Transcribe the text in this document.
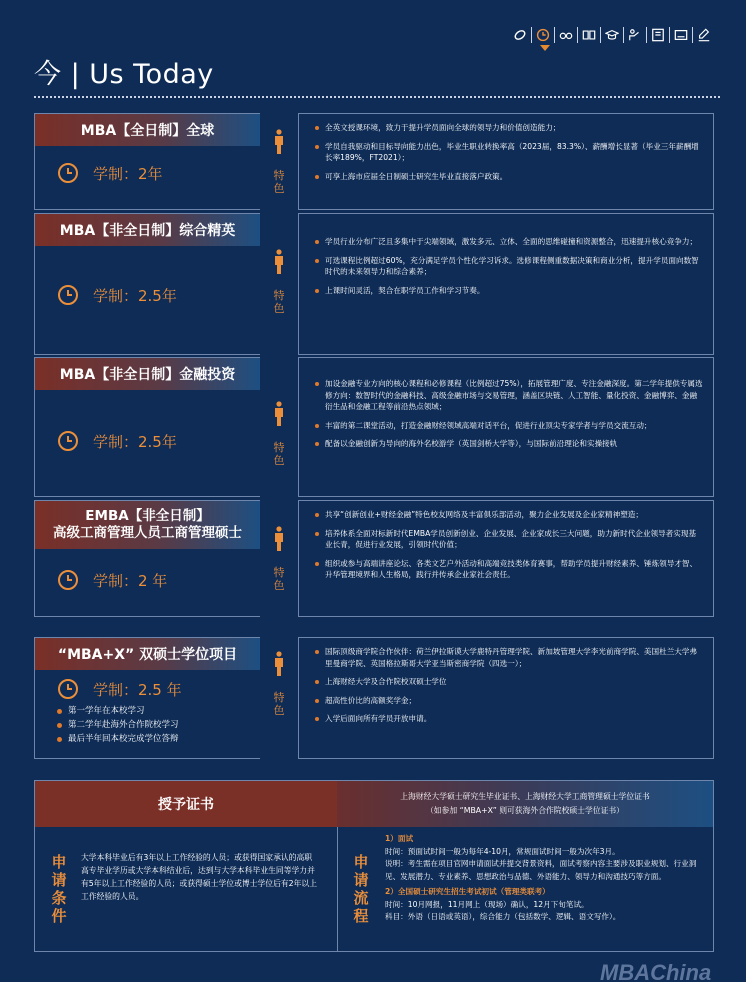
今 | Us Today
MBA【全日制】全球
学制：2年	特色
全英文授课环境，致力于提升学员面向全球的领导力和价值创造能力；
学员自我驱动和目标导向能力出色，毕业生职业转换率高（2023届，83.3%）、薪酬增长显著（毕业三年薪酬增长率189%，FT2021）；
可享上海市应届全日制硕士研究生毕业直接落户政策。
MBA【非全日制】综合精英
学制：2.5年	特色
学员行业分布广泛且多集中于尖端领域，激发多元、立体、全面的思维碰撞和资源整合，迅速提升核心竞争力；
可选课程比例超过60%，充分满足学员个性化学习诉求。选修课程侧重数据决策和商业分析，提升学员面向数智时代的未来领导力和综合素养；
上课时间灵活，契合在职学员工作和学习节奏。
MBA【非全日制】金融投资
学制：2.5年	特色
加设金融专业方向的核心课程和必修课程（比例超过75%），拓展管理广度、专注金融深度。第二学年提供专属选修方向：数智时代的金融科技、高级金融市场与交易管理，涵盖区块链、人工智能、量化投资、金融博弈、金融衍生品和金融工程等前沿热点领域；
丰富的第二课堂活动，打造金融财经领域高端对话平台，促进行业顶尖专家学者与学员交流互动；
配备以金融创新为导向的海外名校游学（英国剑桥大学等），与国际前沿理论和实操接轨
EMBA【非全日制】
高级工商管理人员工商管理硕士
学制：2 年	特色
共享“创新创业+财经金融”特色校友网络及丰富俱乐部活动，聚力企业发展及企业家精神塑造；
培养体系全面对标新时代EMBA学员创新创业、企业发展、企业家成长三大问题，助力新时代企业领导者实现基业长青，促进行业发展，引领时代价值；
组织或参与高端讲座论坛、各类文艺户外活动和高端竞技类体育赛事，帮助学员提升财经素养、锤炼领导才智、升华管理境界和人生格局，践行并传承企业家社会责任。
“MBA+X” 双硕士学位项目
学制：2.5 年
第一学年在本校学习
第二学年赴海外合作院校学习
最后半年回本校完成学位答辩
特色
国际顶级商学院合作伙伴：荷兰伊拉斯谟大学鹿特丹管理学院、新加坡管理大学李光前商学院、美国杜兰大学弗里曼商学院、英国格拉斯哥大学亚当斯密商学院（四选一）；
上海财经大学及合作院校双硕士学位
超高性价比的高额奖学金；
入学后面向所有学员开放申请。
授予证书
上海财经大学硕士研究生毕业证书、上海财经大学工商管理硕士学位证书
（如参加 “MBA+X” 则可获海外合作院校硕士学位证书）
申请条件
大学本科毕业后有3年以上工作经验的人员；或获得国家承认的高职高专毕业学历或大学本科结业后，达到与大学本科毕业生同等学力并有5年以上工作经验的人员；或获得硕士学位或博士学位后有2年以上工作经验的人员。
申请流程
1）面试
时间：预面试时间一般为每年4-10月，常规面试时间一般为次年3月。
说明：考生需在项目官网申请面试并提交背景资料，面试考察内容主要涉及职业规划、行业洞见、发展潜力、专业素养、思想政治与品德、外语能力、领导力和沟通技巧等方面。
2）全国硕士研究生招生考试初试（管理类联考）
时间：10月网报，11月网上（现场）确认，12月下旬笔试。
科目：外语（日语或英语），综合能力（包括数学、逻辑、语文写作）。
MBAChina
